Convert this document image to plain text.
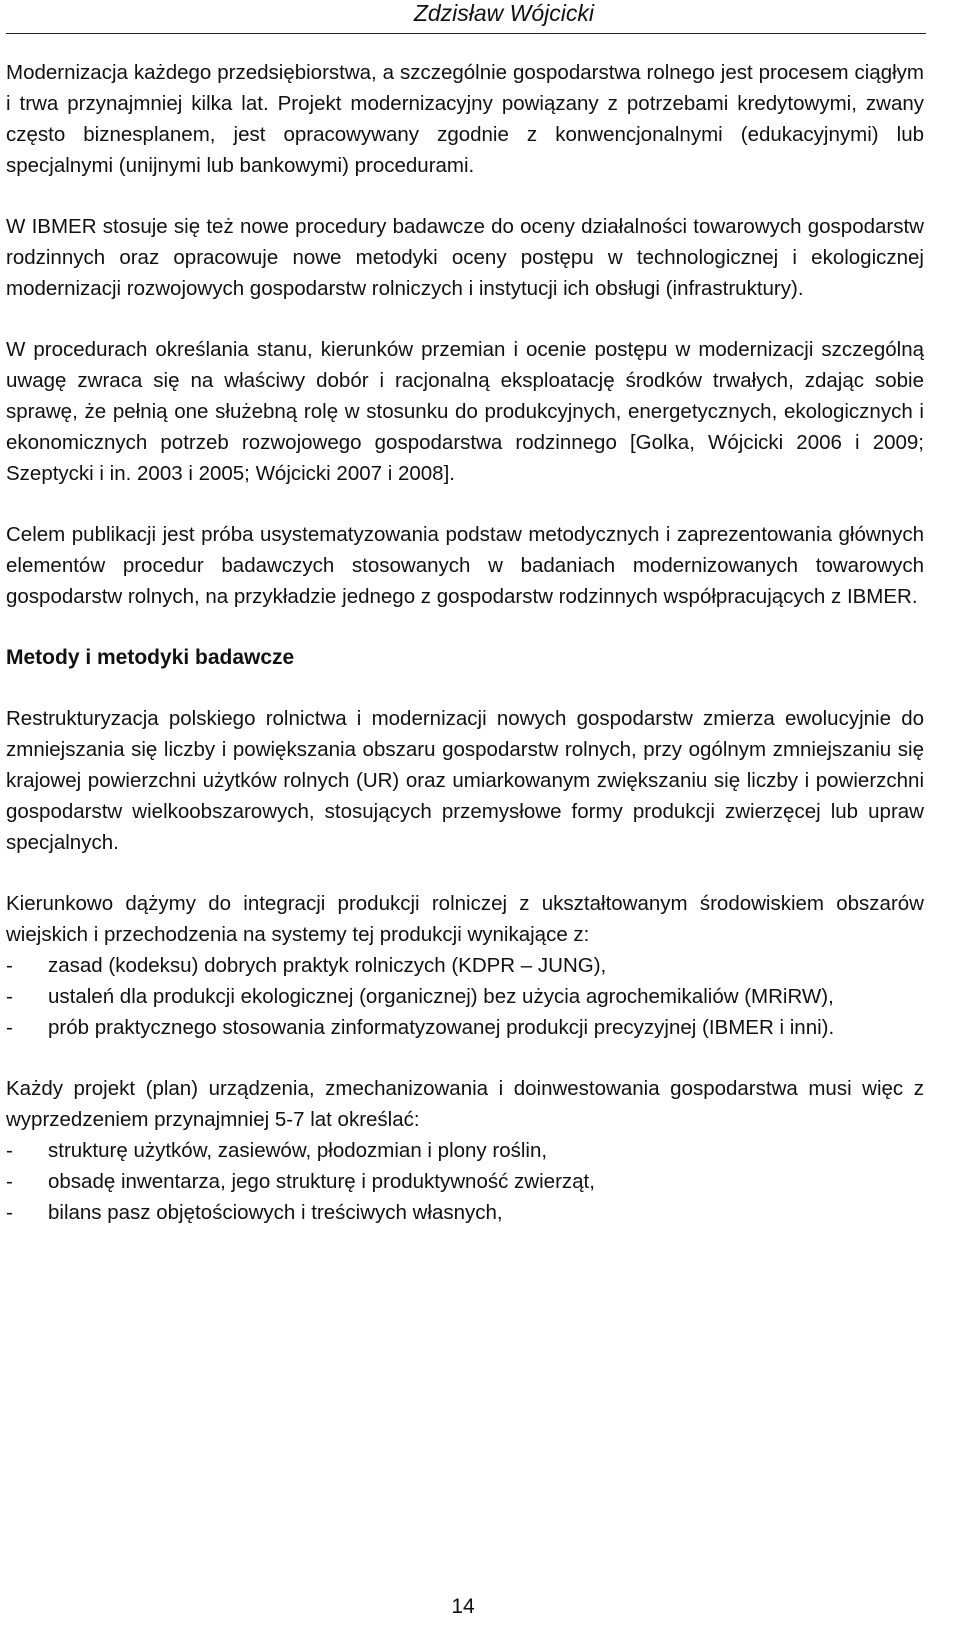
Zdzisław Wójcicki

Modernizacja każdego przedsiębiorstwa, a szczególnie gospodarstwa rolnego jest procesem ciągłym i trwa przynajmniej kilka lat. Projekt modernizacyjny powiązany z potrzebami kredytowymi, zwany często biznesplanem, jest opracowywany zgodnie z konwencjonalnymi (edukacyjnymi) lub specjalnymi (unijnymi lub bankowymi) procedurami.

W IBMER stosuje się też nowe procedury badawcze do oceny działalności towarowych gospodarstw rodzinnych oraz opracowuje nowe metodyki oceny postępu w technologicznej i ekologicznej modernizacji rozwojowych gospodarstw rolniczych i instytucji ich obsługi (infrastruktury).

W procedurach określania stanu, kierunków przemian i ocenie postępu w modernizacji szczególną uwagę zwraca się na właściwy dobór i racjonalną eksploatację środków trwałych, zdając sobie sprawę, że pełnią one służebną rolę w stosunku do produkcyjnych, energetycznych, ekologicznych i ekonomicznych potrzeb rozwojowego gospodarstwa rodzinnego [Golka, Wójcicki 2006 i 2009; Szeptycki i in. 2003 i 2005; Wójcicki 2007 i 2008].

Celem publikacji jest próba usystematyzowania podstaw metodycznych i zaprezentowania głównych elementów procedur badawczych stosowanych w badaniach modernizowanych towarowych gospodarstw rolnych, na przykładzie jednego z gospodarstw rodzinnych współpracujących z IBMER.

Metody i metodyki badawcze

Restrukturyzacja polskiego rolnictwa i modernizacji nowych gospodarstw zmierza ewolucyjnie do zmniejszania się liczby i powiększania obszaru gospodarstw rolnych, przy ogólnym zmniejszaniu się krajowej powierzchni użytków rolnych (UR) oraz umiarkowanym zwiększaniu się liczby i powierzchni gospodarstw wielkoobszarowych, stosujących przemysłowe formy produkcji zwierzęcej lub upraw specjalnych.

Kierunkowo dążymy do integracji produkcji rolniczej z ukształtowanym środowiskiem obszarów wiejskich i przechodzenia na systemy tej produkcji wynikające z:
- zasad (kodeksu) dobrych praktyk rolniczych (KDPR – JUNG),
- ustaleń dla produkcji ekologicznej (organicznej) bez użycia agrochemikaliów (MRiRW),
- prób praktycznego stosowania zinformatyzowanej produkcji precyzyjnej (IBMER i inni).
Każdy projekt (plan) urządzenia, zmechanizowania i doinwestowania gospodarstwa musi więc z wyprzedzeniem przynajmniej 5-7 lat określać:
- strukturę użytków, zasiewów, płodozmian i plony roślin,
- obsadę inwentarza, jego strukturę i produktywność zwierząt,
- bilans pasz objętościowych i treściwych własnych,
14
